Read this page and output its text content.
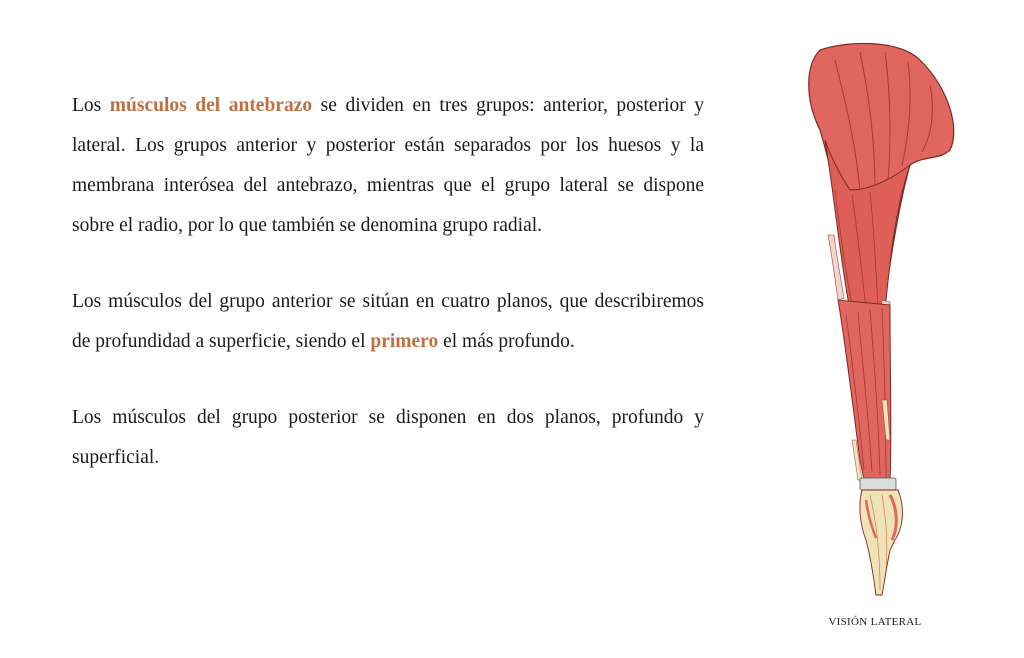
Los músculos del antebrazo se dividen en tres grupos: anterior, posterior y lateral. Los grupos anterior y posterior están separados por los huesos y la membrana interósea del antebrazo, mientras que el grupo lateral se dispone sobre el radio, por lo que también se denomina grupo radial.

Los músculos del grupo anterior se sitúan en cuatro planos, que describiremos de profundidad a superficie, siendo el primero el más profundo.

Los músculos del grupo posterior se disponen en dos planos, profundo y superficial.

VISIÓN LATERAL
